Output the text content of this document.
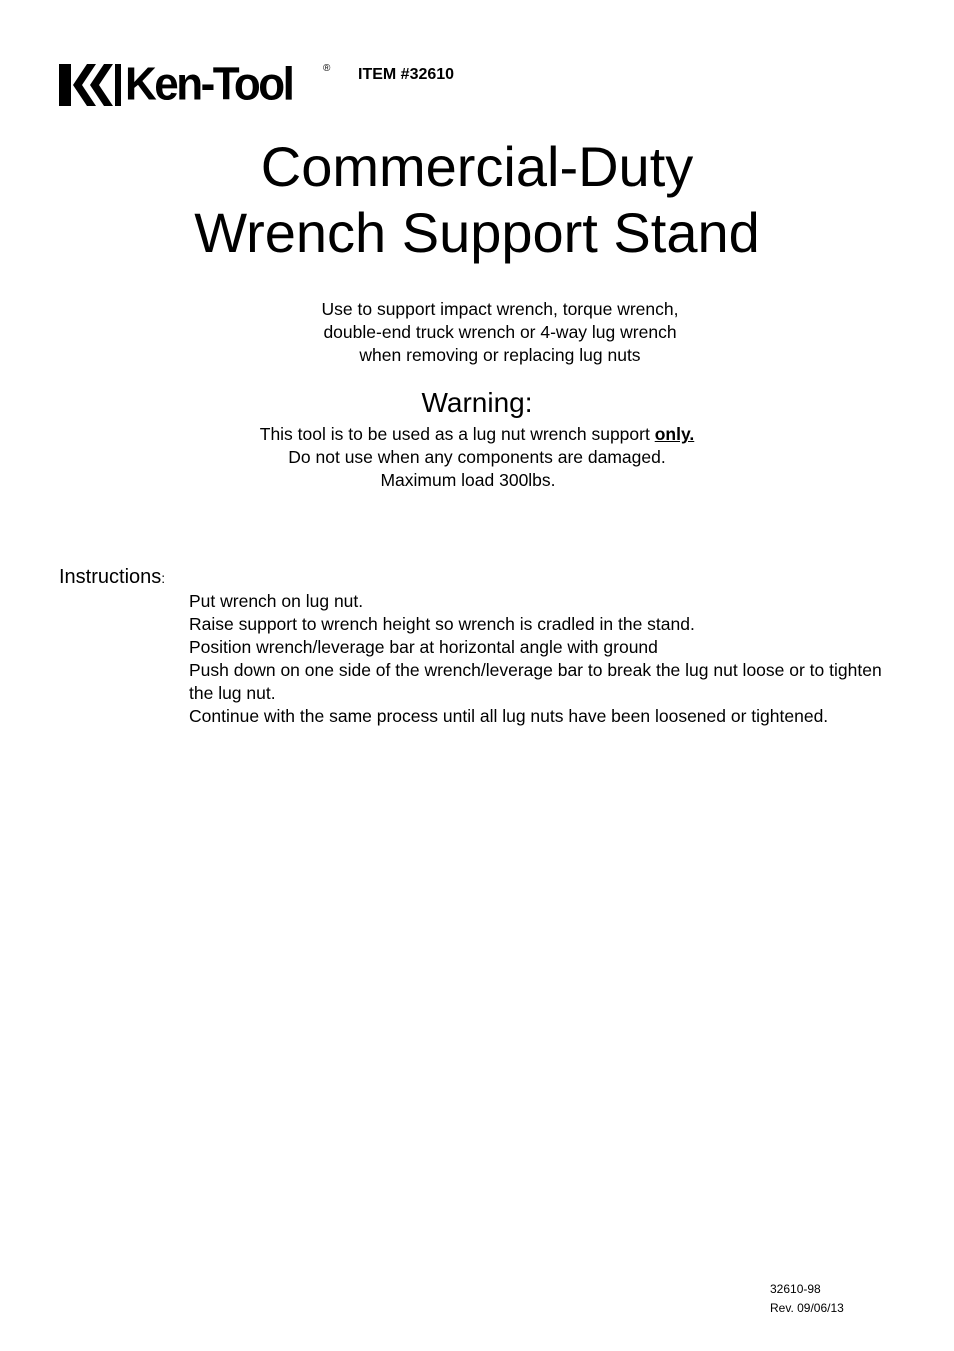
Ken-Tool	® ITEM #32610
Commercial-Duty
Wrench Support Stand
Use to support impact wrench, torque wrench,
double-end truck wrench or 4-way lug wrench
when removing or replacing lug nuts
Warning:
This tool is to be used as a lug nut wrench support only.
Do not use when any components are damaged.
Maximum load 300lbs.
Instructions:
Put wrench on lug nut.
Raise support to wrench height so wrench is cradled in the stand.
Position wrench/leverage bar at horizontal angle with ground
Push down on one side of the wrench/leverage bar to break the lug nut loose or to tighten the lug nut.
Continue with the same process until all lug nuts have been loosened or tightened.
32610-98
Rev. 09/06/13
